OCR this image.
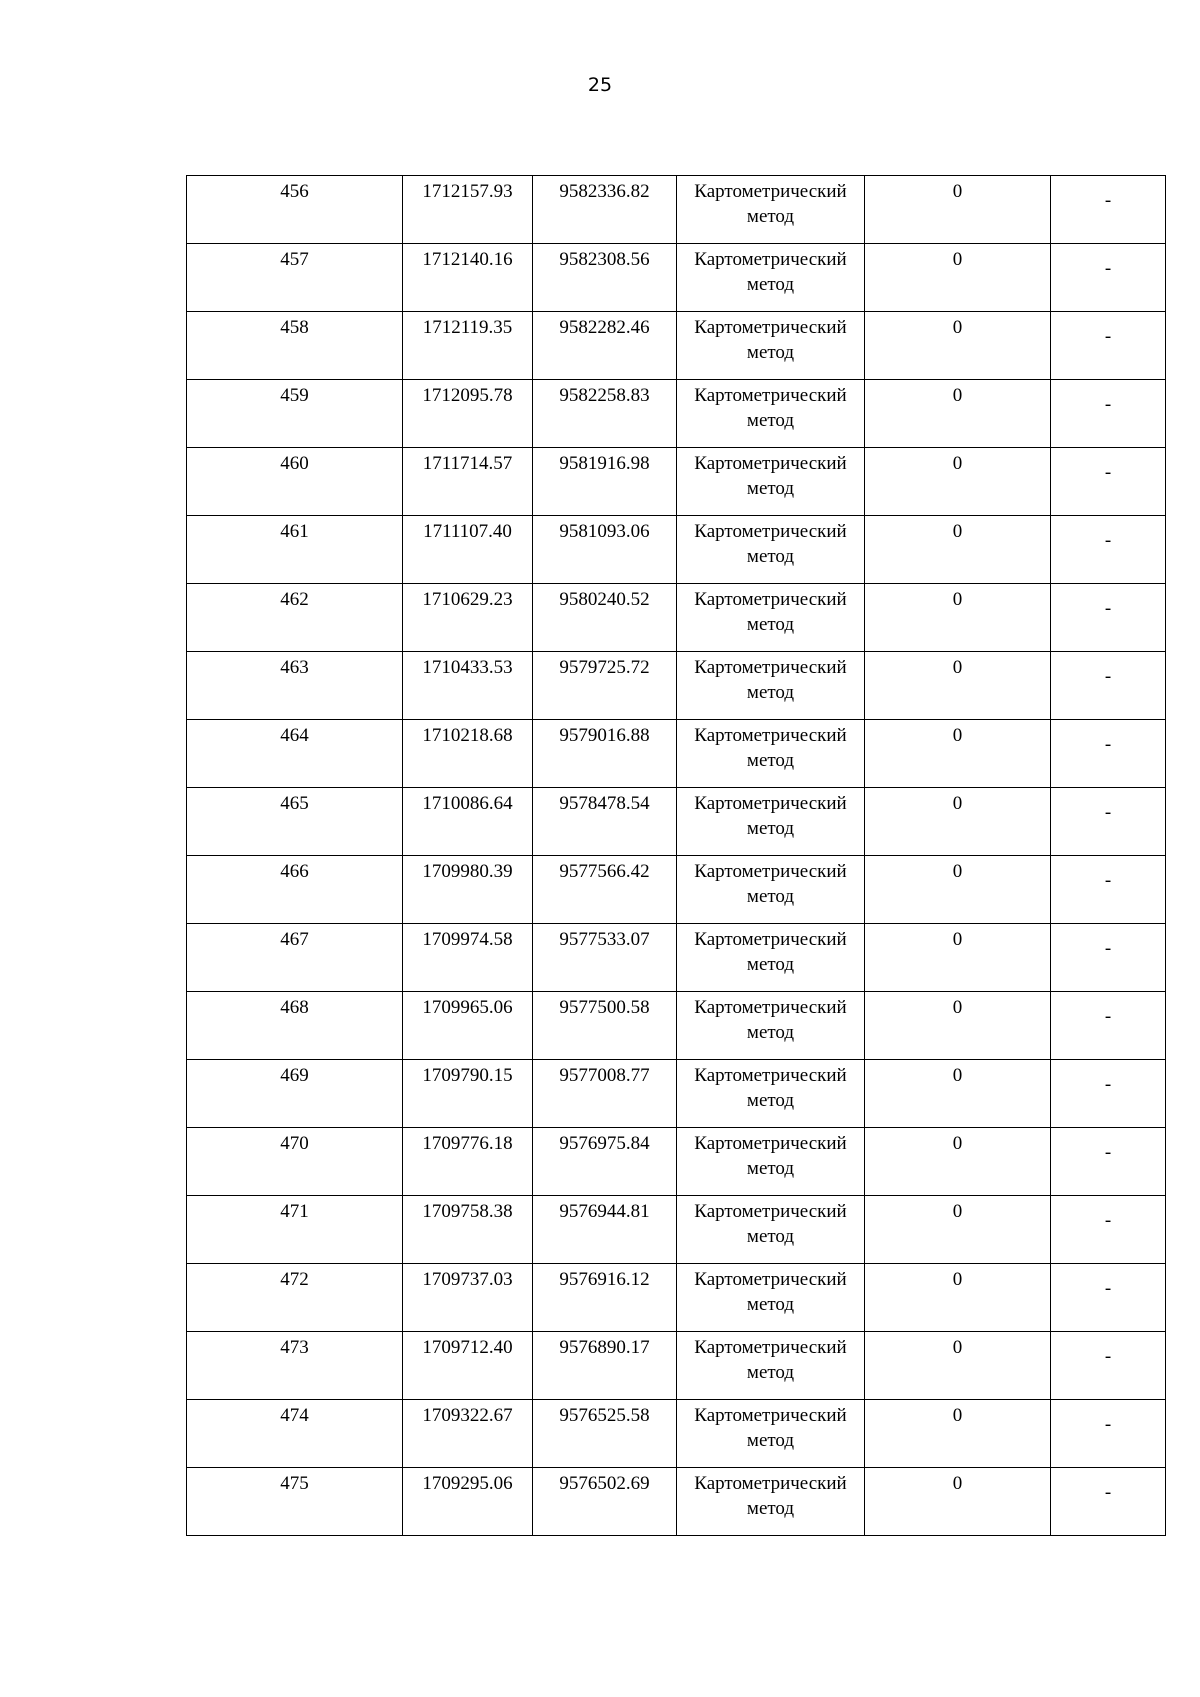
25
456	1712157.93	9582336.82	Картометрический
метод	0	-

457	1712140.16	9582308.56	Картометрический
метод	0	-

458	1712119.35	9582282.46	Картометрический
метод	0	-

459	1712095.78	9582258.83	Картометрический
метод	0	-

460	1711714.57	9581916.98	Картометрический
метод	0	-

461	1711107.40	9581093.06	Картометрический
метод	0	-

462	1710629.23	9580240.52	Картометрический
метод	0	-

463	1710433.53	9579725.72	Картометрический
метод	0	-

464	1710218.68	9579016.88	Картометрический
метод	0	-

465	1710086.64	9578478.54	Картометрический
метод	0	-

466	1709980.39	9577566.42	Картометрический
метод	0	-

467	1709974.58	9577533.07	Картометрический
метод	0	-

468	1709965.06	9577500.58	Картометрический
метод	0	-

469	1709790.15	9577008.77	Картометрический
метод	0	-

470	1709776.18	9576975.84	Картометрический
метод	0	-

471	1709758.38	9576944.81	Картометрический
метод	0	-

472	1709737.03	9576916.12	Картометрический
метод	0	-

473	1709712.40	9576890.17	Картометрический
метод	0	-

474	1709322.67	9576525.58	Картометрический
метод	0	-

475	1709295.06	9576502.69	Картометрический
метод	0	-
